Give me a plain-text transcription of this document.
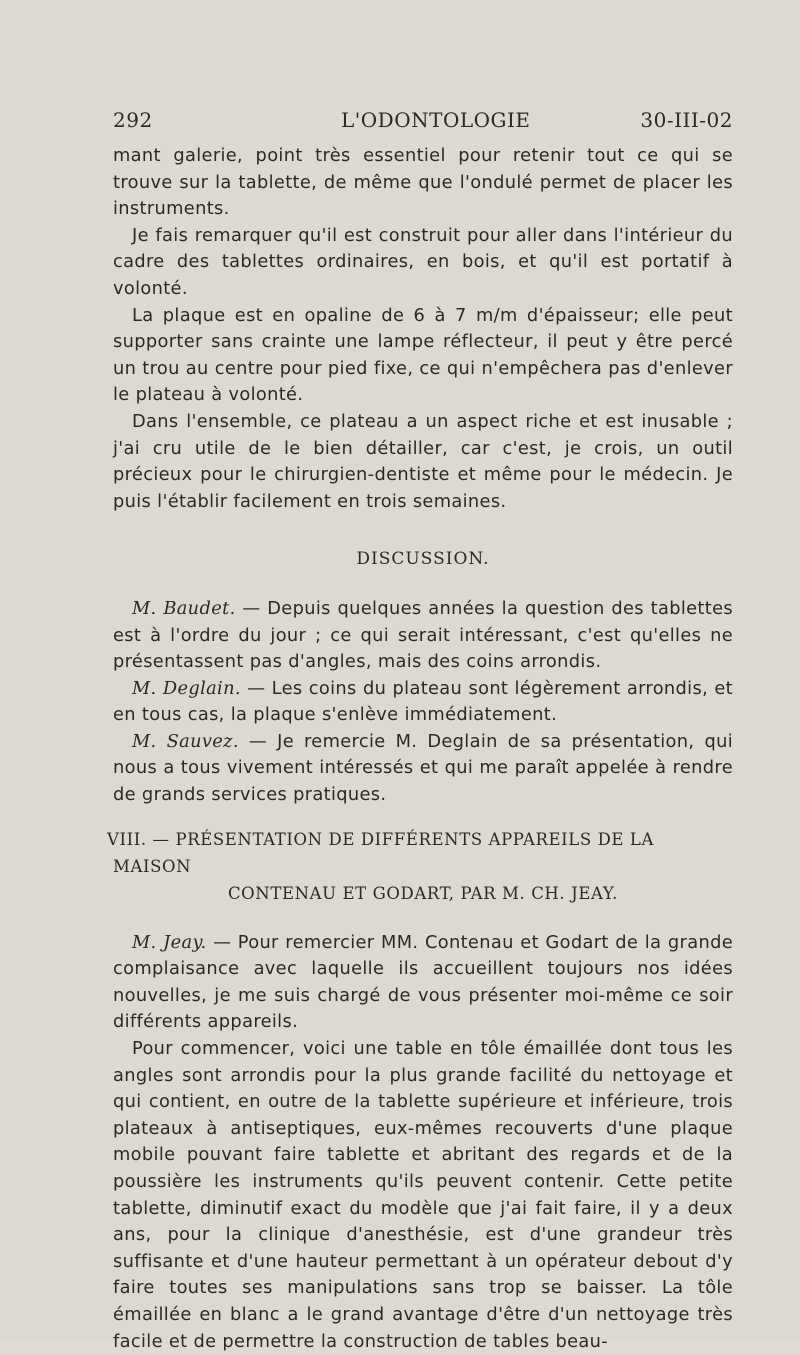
292	L'ODONTOLOGIE	30-III-02

mant galerie, point très essentiel pour retenir tout ce qui se trouve sur la tablette, de même que l'ondulé permet de placer les instruments.

Je fais remarquer qu'il est construit pour aller dans l'intérieur du cadre des tablettes ordinaires, en bois, et qu'il est portatif à volonté.

La plaque est en opaline de 6 à 7 m/m d'épaisseur; elle peut supporter sans crainte une lampe réflecteur, il peut y être percé un trou au centre pour pied fixe, ce qui n'empêchera pas d'enlever le plateau à volonté.

Dans l'ensemble, ce plateau a un aspect riche et est inusable ; j'ai cru utile de le bien détailler, car c'est, je crois, un outil précieux pour le chirurgien-dentiste et même pour le médecin. Je puis l'établir facilement en trois semaines.

DISCUSSION.

M. Baudet. — Depuis quelques années la question des tablettes est à l'ordre du jour ; ce qui serait intéressant, c'est qu'elles ne présentassent pas d'angles, mais des coins arrondis.

M. Deglain. — Les coins du plateau sont légèrement arrondis, et en tous cas, la plaque s'enlève immédiatement.

M. Sauvez. — Je remercie M. Deglain de sa présentation, qui nous a tous vivement intéressés et qui me paraît appelée à rendre de grands services pratiques.

VIII. — PRÉSENTATION DE DIFFÉRENTS APPAREILS DE LA MAISON
CONTENAU ET GODART, PAR M. CH. JEAY.

M. Jeay. — Pour remercier MM. Contenau et Godart de la grande complaisance avec laquelle ils accueillent toujours nos idées nouvelles, je me suis chargé de vous présenter moi-même ce soir différents appareils.

Pour commencer, voici une table en tôle émaillée dont tous les angles sont arrondis pour la plus grande facilité du nettoyage et qui contient, en outre de la tablette supérieure et inférieure, trois plateaux à antiseptiques, eux-mêmes recouverts d'une plaque mobile pouvant faire tablette et abritant des regards et de la poussière les instruments qu'ils peuvent contenir. Cette petite tablette, diminutif exact du modèle que j'ai fait faire, il y a deux ans, pour la clinique d'anesthésie, est d'une grandeur très suffisante et d'une hauteur permettant à un opérateur debout d'y faire toutes ses manipulations sans trop se baisser. La tôle émaillée en blanc a le grand avantage d'être d'un nettoyage très facile et de permettre la construction de tables beau-
